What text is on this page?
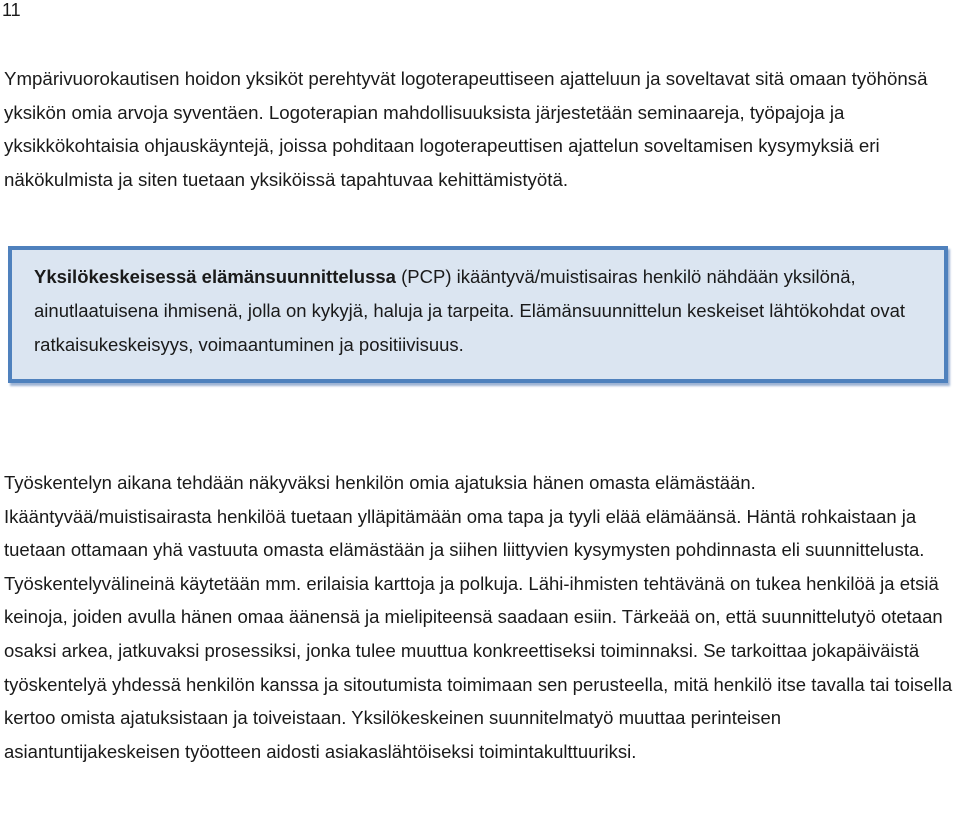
11

Ympärivuorokautisen hoidon yksiköt perehtyvät logoterapeuttiseen ajatteluun ja soveltavat sitä omaan työhönsä yksikön omia arvoja syventäen. Logoterapian mahdollisuuksista järjestetään seminaareja, työpajoja ja yksikkökohtaisia ohjauskäyntejä, joissa pohditaan logoterapeuttisen ajattelun soveltamisen kysymyksiä eri näkökulmista ja siten tuetaan yksiköissä tapahtuvaa kehittämistyötä.

Yksilökeskeisessä elämänsuunnittelussa (PCP) ikääntyvä/muistisairas henkilö nähdään yksilönä, ainutlaatuisena ihmisenä, jolla on kykyjä, haluja ja tarpeita. Elämänsuunnittelun keskeiset lähtökohdat ovat ratkaisukeskeisyys, voimaantuminen ja positiivisuus.

Työskentelyn aikana tehdään näkyväksi henkilön omia ajatuksia hänen omasta elämästään. Ikääntyvää/muistisairasta henkilöä tuetaan ylläpitämään oma tapa ja tyyli elää elämäänsä. Häntä rohkaistaan ja tuetaan ottamaan yhä vastuuta omasta elämästään ja siihen liittyvien kysymysten pohdinnasta eli suunnittelusta. Työskentelyvälineinä käytetään mm. erilaisia karttoja ja polkuja. Lähi-ihmisten tehtävänä on tukea henkilöä ja etsiä keinoja, joiden avulla hänen omaa äänensä ja mielipiteensä saadaan esiin. Tärkeää on, että suunnittelutyö otetaan osaksi arkea, jatkuvaksi prosessiksi, jonka tulee muuttua konkreettiseksi toiminnaksi. Se tarkoittaa jokapäiväistä työskentelyä yhdessä henkilön kanssa ja sitoutumista toimimaan sen perusteella, mitä henkilö itse tavalla tai toisella kertoo omista ajatuksistaan ja toiveistaan. Yksilökeskeinen suunnitelmatyö muuttaa perinteisen asiantuntijakeskeisen työotteen aidosti asiakaslähtöiseksi toimintakulttuuriksi.
